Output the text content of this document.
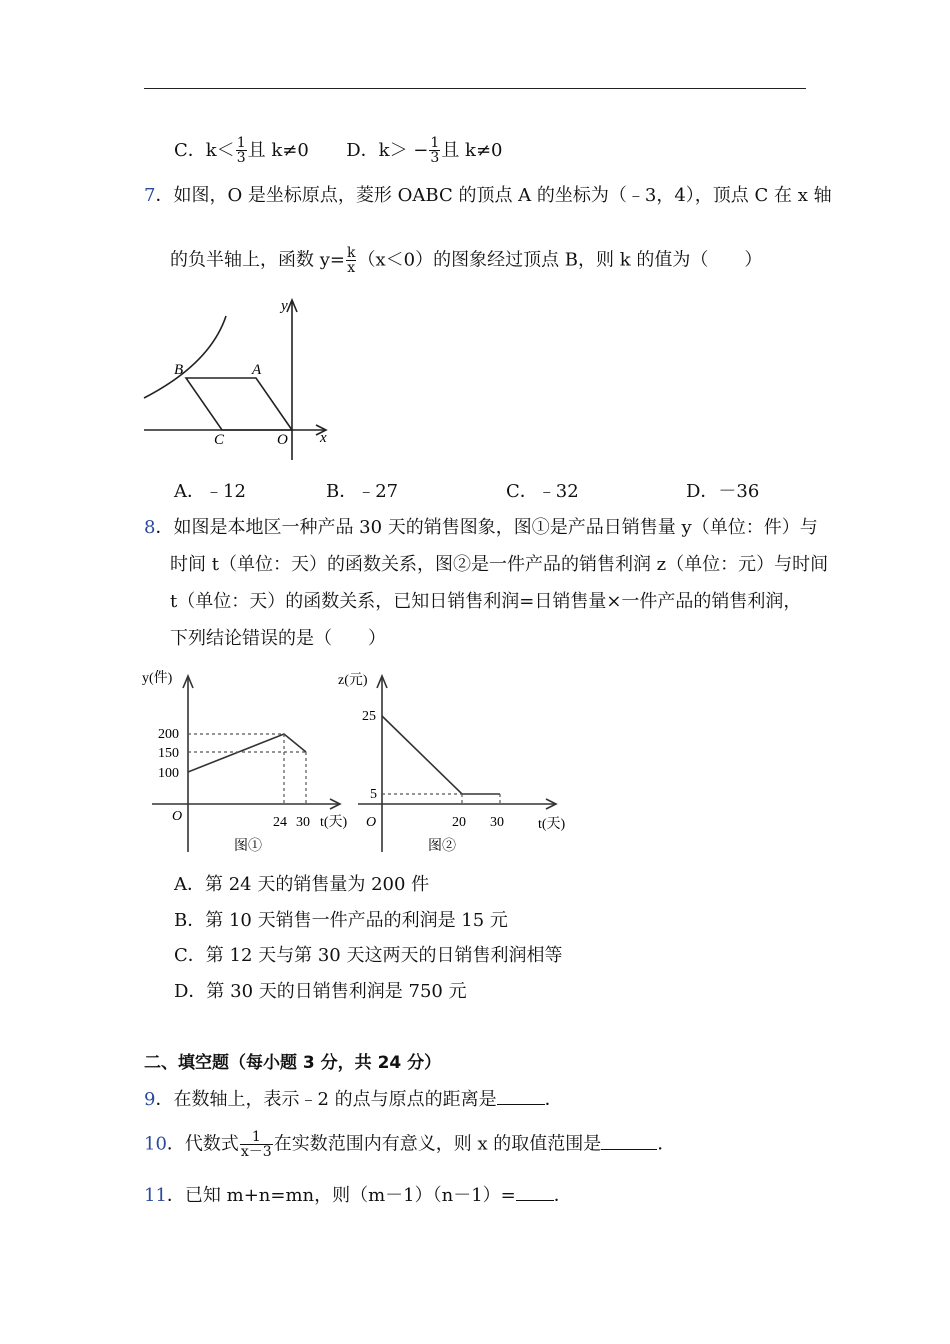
C．$k< \frac{1}{3}$ 且 k≠0 D．$k> - \frac{1}{3}$ 且 k≠0
7．如图，O 是坐标原点，菱形 OABC 的顶点 A 的坐标为（﹣3，4），顶点 C 在 x 轴
的负半轴上，函数 $y= \frac{k}{x} (x<0)$的图象经过顶点 B，则 k 的值为（　　）
y
x
B	A
C	O
A．﹣12	B．﹣27	C．﹣32	D．－36
8．如图是本地区一种产品 30 天的销售图象，图①是产品日销售量 y（单位：件）与
时间 t（单位：天）的函数关系，图②是一件产品的销售利润 z（单位：元）与时间
t（单位：天）的函数关系，已知日销售利润=日销售量×一件产品的销售利润，
下列结论错误的是（　　）
y(件)
200
150
100
O	24 30 t(天)
图①
z(元)
25
5
O	20 30 t(天)
图②
A．第 24 天的销售量为 200 件
B．第 10 天销售一件产品的利润是 15 元
C．第 12 天与第 30 天这两天的日销售利润相等
D．第 30 天的日销售利润是 750 元
二、填空题（每小题 3 分，共 24 分）
9．在数轴上，表示﹣2 的点与原点的距离是	．
10．代数式 $\frac{1}{x-3}$ 在实数范围内有意义，则 x 的取值范围是	．
11．已知 m+n=mn，则（m－1）（n－1）= ．
